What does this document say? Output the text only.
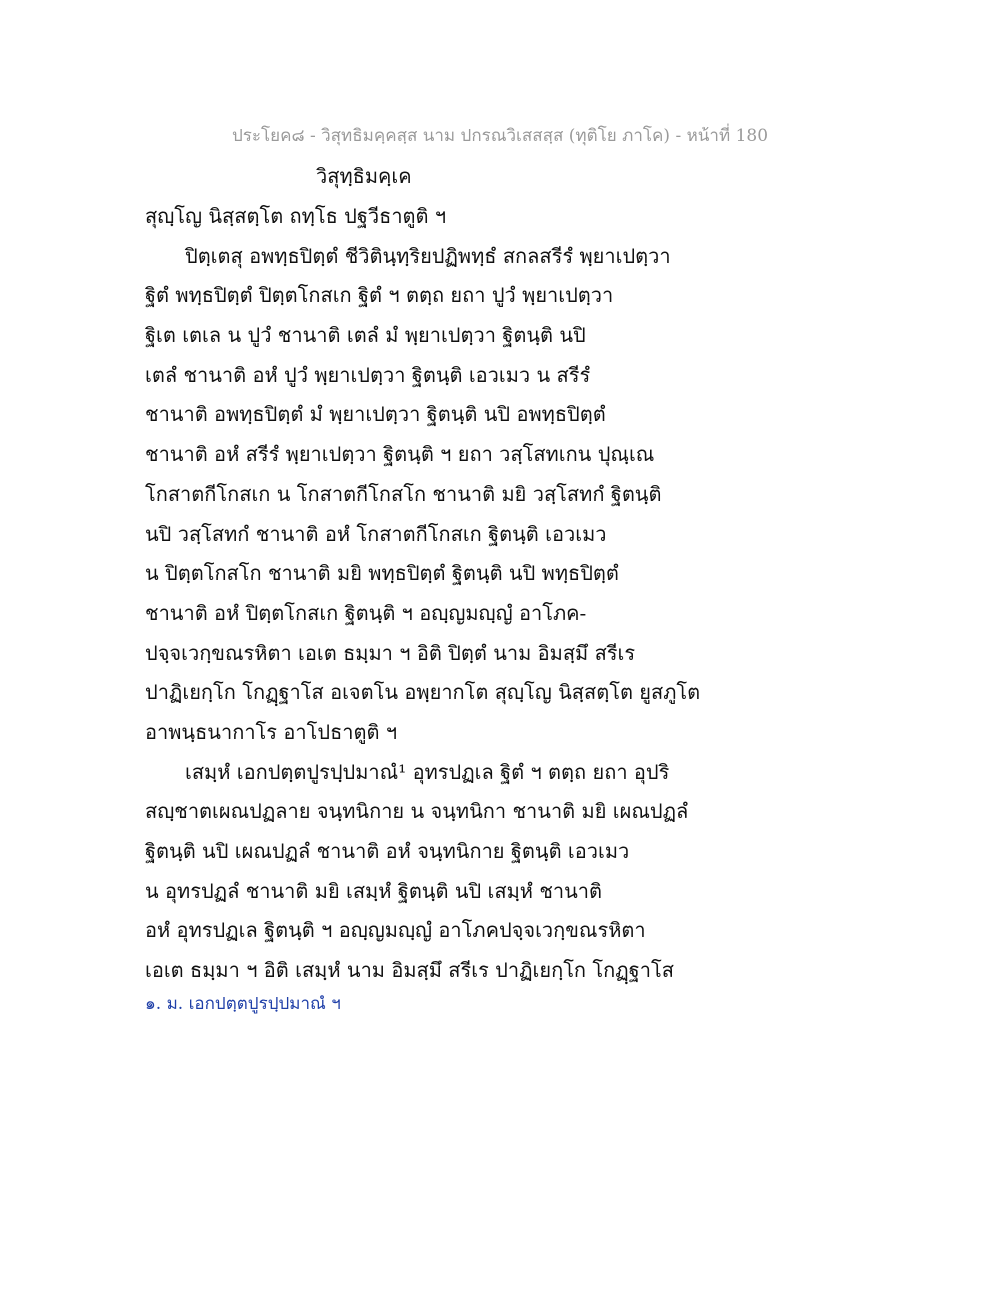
ประโยค๘ - วิสุทธิมคฺคสฺส นาม ปกรณวิเสสสฺส (ทุติโย ภาโค) - หน้าที่ 180
วิสุทฺธิมคฺเค
สุญฺโญ นิสฺสตฺโต ถทฺโธ ปฐวีธาตูติ ฯ
ปิตฺเตสุ อพทฺธปิตฺตํ ชีวิตินฺทฺริยปฏิพทฺธํ สกลสรีรํ พฺยาเปตฺวา
ฐิตํ พทฺธปิตฺตํ ปิตฺตโกสเก ฐิตํ ฯ ตตฺถ ยถา ปูวํ พฺยาเปตฺวา
ฐิเต เตเล น ปูวํ ชานาติ เตลํ มํ พฺยาเปตฺวา ฐิตนฺติ นปิ
เตลํ ชานาติ อหํ ปูวํ พฺยาเปตฺวา ฐิตนฺติ เอวเมว น สรีรํ
ชานาติ อพทฺธปิตฺตํ มํ พฺยาเปตฺวา ฐิตนฺติ นปิ อพทฺธปิตฺตํ
ชานาติ อหํ สรีรํ พฺยาเปตฺวา ฐิตนฺติ ฯ ยถา วสฺโสทเกน ปุณฺเณ
โกสาตกีโกสเก น โกสาตกีโกสโก ชานาติ มยิ วสฺโสทกํ ฐิตนฺติ
นปิ วสฺโสทกํ ชานาติ อหํ โกสาตกีโกสเก ฐิตนฺติ เอวเมว
น ปิตฺตโกสโก ชานาติ มยิ พทฺธปิตฺตํ ฐิตนฺติ นปิ พทฺธปิตฺตํ
ชานาติ อหํ ปิตฺตโกสเก ฐิตนฺติ ฯ อญฺญมญฺญํ อาโภค-
ปจฺจเวกฺขณรหิตา เอเต ธมฺมา ฯ อิติ ปิตฺตํ นาม อิมสฺมึ สรีเร
ปาฏิเยกฺโก โกฏฺฐาโส อเจตโน อพฺยากโต สุญฺโญ นิสฺสตฺโต ยูสภูโต
อาพนฺธนากาโร อาโปธาตูติ ฯ
เสมฺหํ เอกปตฺตปูรปฺปมาณํ¹ อุทรปฏเล ฐิตํ ฯ ตตฺถ ยถา อุปริ
สญฺชาตเผณปฏลาย จนฺทนิกาย น จนฺทนิกา ชานาติ มยิ เผณปฏลํ
ฐิตนฺติ นปิ เผณปฏลํ ชานาติ อหํ จนฺทนิกาย ฐิตนฺติ เอวเมว
น อุทรปฏลํ ชานาติ มยิ เสมฺหํ ฐิตนฺติ นปิ เสมฺหํ ชานาติ
อหํ อุทรปฏเล ฐิตนฺติ ฯ อญฺญมญฺญํ อาโภคปจฺจเวกฺขณรหิตา
เอเต ธมฺมา ฯ อิติ เสมฺหํ นาม อิมสฺมึ สรีเร ปาฏิเยกฺโก โกฏฺฐาโส
๑. ม. เอกปตฺตปูรปฺปมาณํ ฯ
